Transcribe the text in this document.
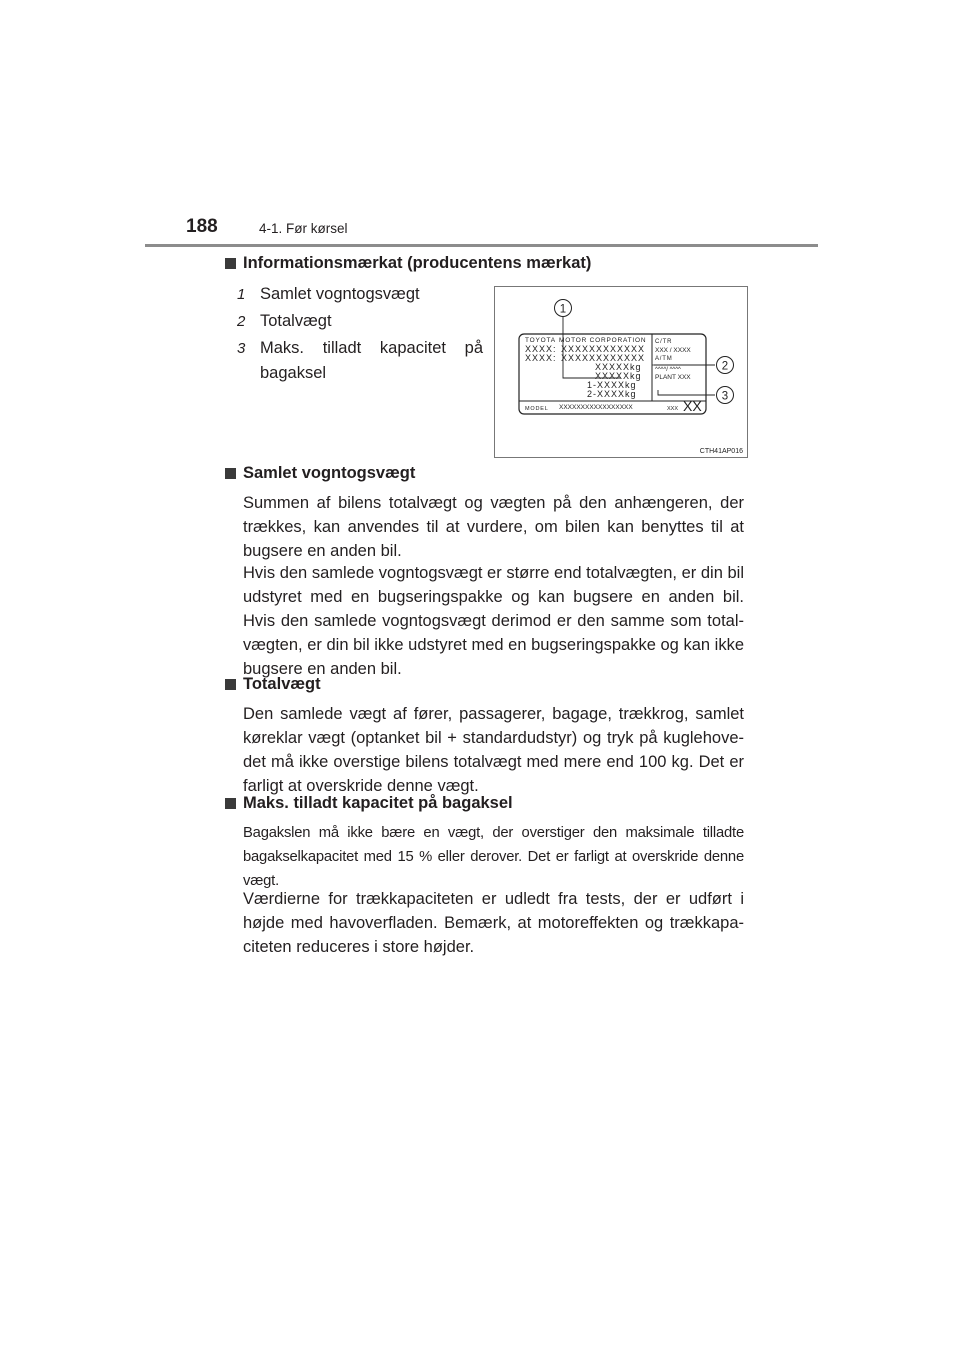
188	4-1. Før kørsel
Informationsmærkat (producentens mærkat)
1 Samlet vogntogsvægt
2 Totalvægt
3 Maks. tilladt kapacitet på bagaksel
TOYOTA MOTOR CORPORATION
XXXX: XXXXXXXXXXXX
XXXX: XXXXXXXXXXXX
XXXXXkg
XXXXXkg
1-XXXXkg
2-XXXXkg
C/TR
XXX / XXXX
A/TM
^^^^/ ^^^^
PLANT XXX
MODEL XXXXXXXXXXXXXXXXX	XXX XX
1
2
3
CTH41AP016
Samlet vogntogsvægt
Summen af bilens totalvægt og vægten på den anhængeren, der trækkes, kan anvendes til at vurdere, om bilen kan benyttes til at bugsere en anden bil.
Hvis den samlede vogntogsvægt er større end totalvægten, er din bil udstyret med en bugseringspakke og kan bugsere en anden bil. Hvis den samlede vogntogsvægt derimod er den samme som total-vægten, er din bil ikke udstyret med en bugseringspakke og kan ikke bugsere en anden bil.
Totalvægt
Den samlede vægt af fører, passagerer, bagage, trækkrog, samlet køreklar vægt (optanket bil + standardudstyr) og tryk på kuglehove-det må ikke overstige bilens totalvægt med mere end 100 kg. Det er farligt at overskride denne vægt.
Maks. tilladt kapacitet på bagaksel
Bagakslen må ikke bære en vægt, der overstiger den maksimale tilladte bagakselkapacitet med 15 % eller derover. Det er farligt at overskride denne vægt.
Værdierne for trækkapaciteten er udledt fra tests, der er udført i højde med havoverfladen. Bemærk, at motoreffekten og trækkapa-citeten reduceres i store højder.
